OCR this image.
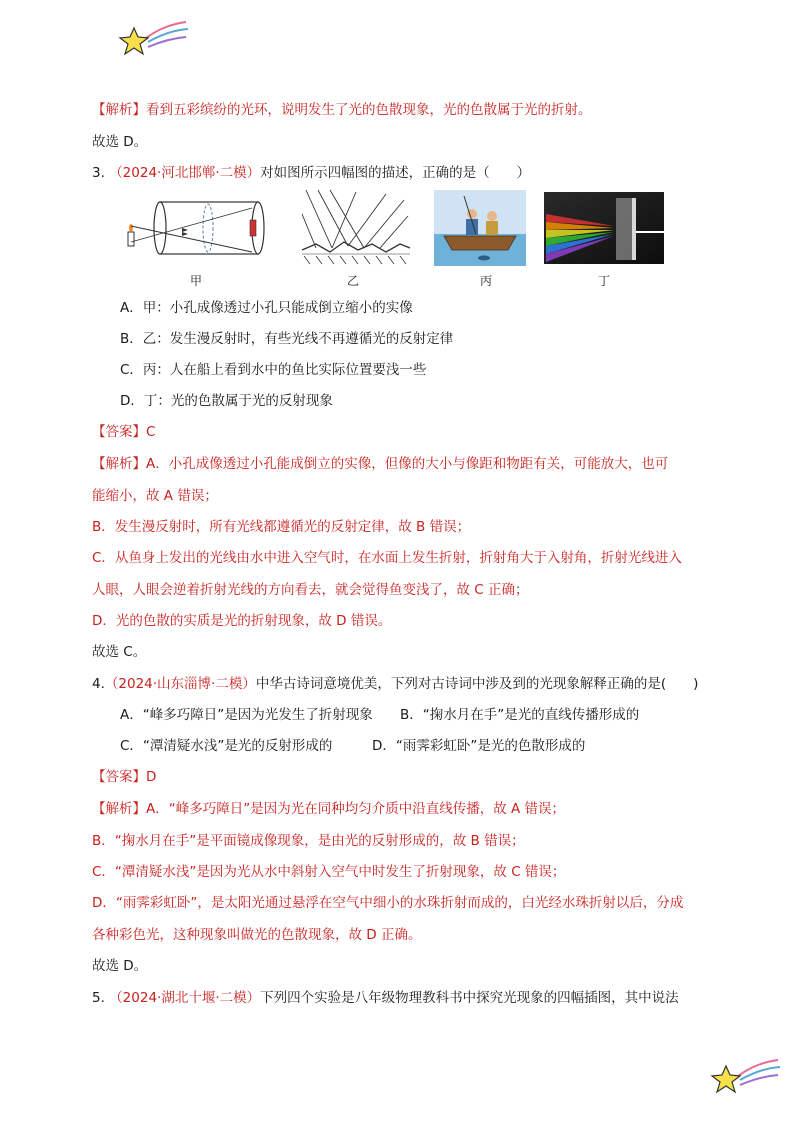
【解析】看到五彩缤纷的光环，说明发生了光的色散现象，光的色散属于光的折射。
故选 D。
3. （2024·河北邯郸·二模）对如图所示四幅图的描述，正确的是（　　）
甲	乙	丙	丁
A．甲：小孔成像透过小孔只能成倒立缩小的实像
B．乙：发生漫反射时，有些光线不再遵循光的反射定律
C．丙：人在船上看到水中的鱼比实际位置要浅一些
D．丁：光的色散属于光的反射现象
【答案】C
【解析】A．小孔成像透过小孔能成倒立的实像，但像的大小与像距和物距有关，可能放大，也可
能缩小，故 A 错误；
B．发生漫反射时，所有光线都遵循光的反射定律，故 B 错误；
C．从鱼身上发出的光线由水中进入空气时，在水面上发生折射，折射角大于入射角，折射光线进入
人眼，人眼会逆着折射光线的方向看去，就会觉得鱼变浅了，故 C 正确；
D．光的色散的实质是光的折射现象，故 D 错误。
故选 C。
4.（2024·山东淄博·二模）中华古诗词意境优美，下列对古诗词中涉及到的光现象解释正确的是(　　)
A．“峰多巧障日”是因为光发生了折射现象 B．“掬水月在手”是光的直线传播形成的
C．“潭清疑水浅”是光的反射形成的	D．“雨霁彩虹卧”是光的色散形成的
【答案】D
【解析】A．“峰多巧障日”是因为光在同种均匀介质中沿直线传播，故 A 错误；
B．“掬水月在手”是平面镜成像现象，是由光的反射形成的，故 B 错误；
C．“潭清疑水浅”是因为光从水中斜射入空气中时发生了折射现象，故 C 错误；
D．“雨霁彩虹卧”，是太阳光通过悬浮在空气中细小的水珠折射而成的，白光经水珠折射以后，分成
各种彩色光，这种现象叫做光的色散现象，故 D 正确。
故选 D。
5. （2024·湖北十堰·二模）下列四个实验是八年级物理教科书中探究光现象的四幅插图，其中说法
